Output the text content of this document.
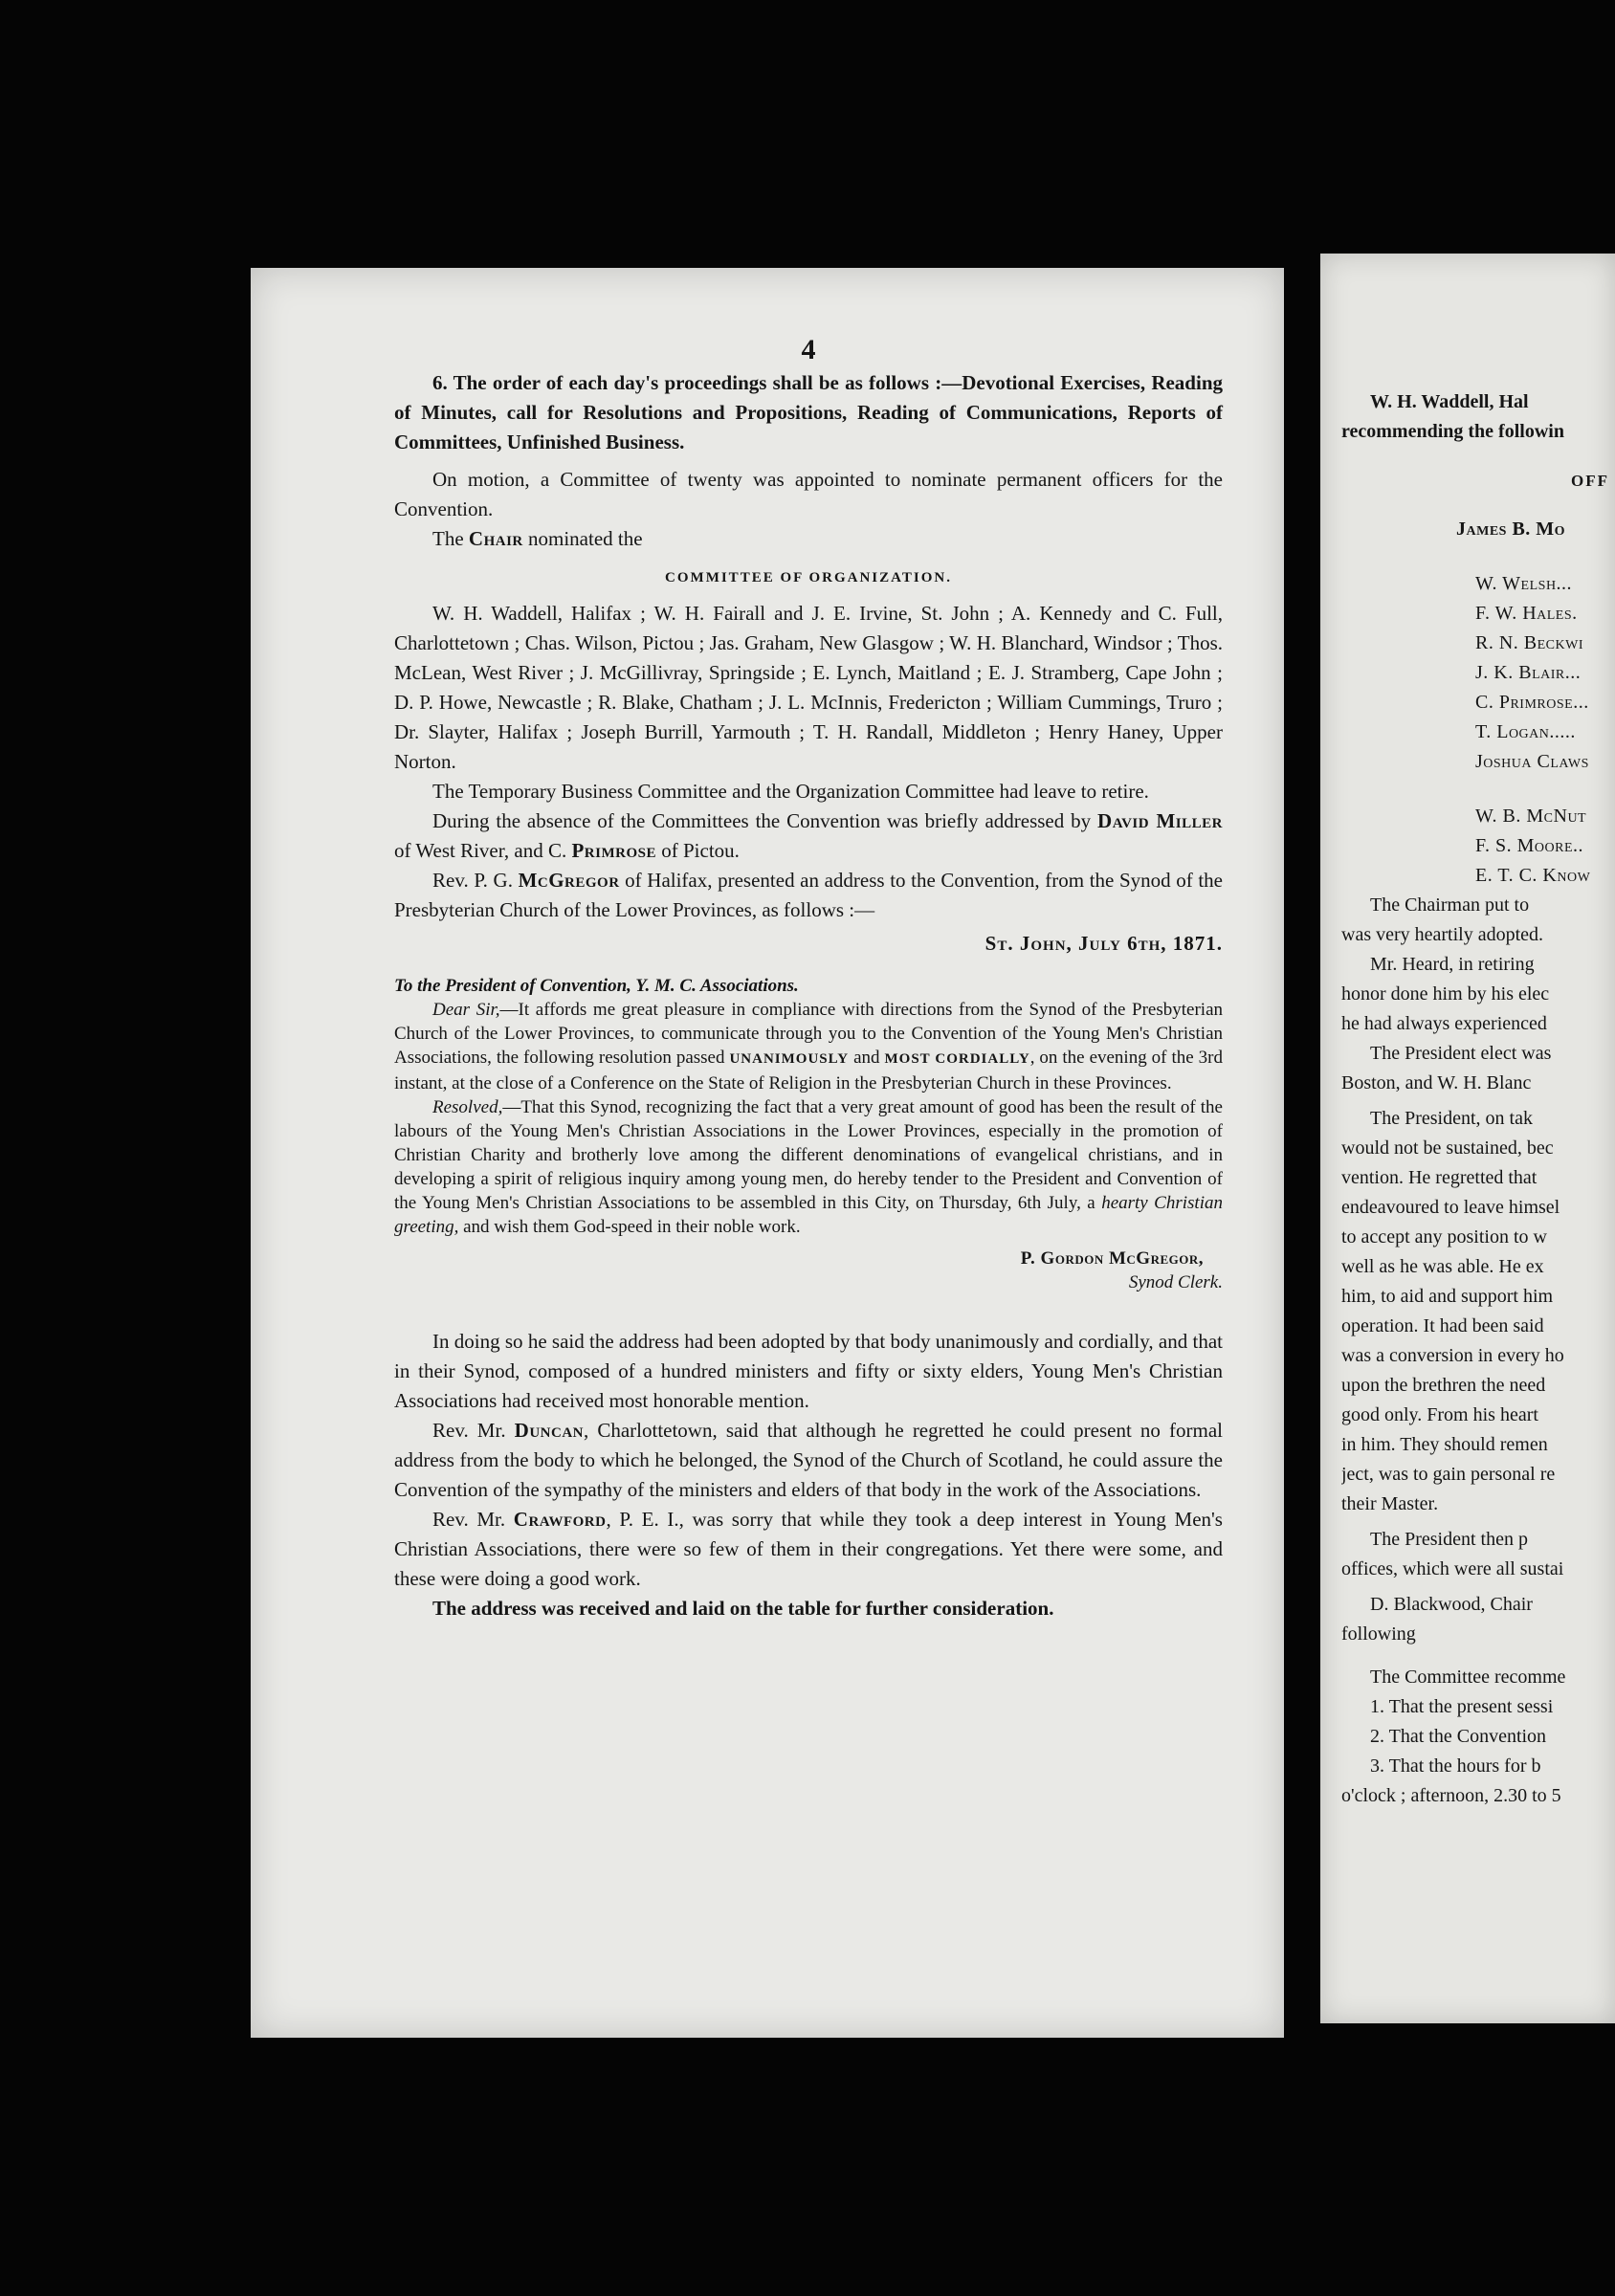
4

6. The order of each day's proceedings shall be as follows :—Devotional Exercises, Reading of Minutes, call for Resolutions and Propositions, Reading of Communications, Reports of Committees, Unfinished Business.

On motion, a Committee of twenty was appointed to nominate permanent officers for the Convention.

The Chair nominated the

COMMITTEE OF ORGANIZATION.

W. H. Waddell, Halifax ; W. H. Fairall and J. E. Irvine, St. John ; A. Kennedy and C. Full, Charlottetown ; Chas. Wilson, Pictou ; Jas. Graham, New Glasgow ; W. H. Blanchard, Windsor ; Thos. McLean, West River ; J. McGillivray, Springside ; E. Lynch, Maitland ; E. J. Stramberg, Cape John ; D. P. Howe, Newcastle ; R. Blake, Chatham ; J. L. McInnis, Fredericton ; William Cummings, Truro ; Dr. Slayter, Halifax ; Joseph Burrill, Yarmouth ; T. H. Randall, Middleton ; Henry Haney, Upper Norton.

The Temporary Business Committee and the Organization Committee had leave to retire.

During the absence of the Committees the Convention was briefly addressed by David Miller of West River, and C. Primrose of Pictou.

Rev. P. G. McGregor of Halifax, presented an address to the Convention, from the Synod of the Presbyterian Church of the Lower Provinces, as follows :—

St. John, July 6th, 1871.

To the President of Convention, Y. M. C. Associations.

Dear Sir,—It affords me great pleasure in compliance with directions from the Synod of the Presbyterian Church of the Lower Provinces, to communicate through you to the Convention of the Young Men's Christian Associations, the following resolution passed UNANIMOUSLY and MOST CORDIALLY, on the evening of the 3rd instant, at the close of a Conference on the State of Religion in the Presbyterian Church in these Provinces.

Resolved,—That this Synod, recognizing the fact that a very great amount of good has been the result of the labours of the Young Men's Christian Associations in the Lower Provinces, especially in the promotion of Christian Charity and brotherly love among the different denominations of evangelical christians, and in developing a spirit of religious inquiry among young men, do hereby tender to the President and Convention of the Young Men's Christian Associations to be assembled in this City, on Thursday, 6th July, a hearty Christian greeting, and wish them God-speed in their noble work.

P. Gordon McGregor,
Synod Clerk.

In doing so he said the address had been adopted by that body unanimously and cordially, and that in their Synod, composed of a hundred ministers and fifty or sixty elders, Young Men's Christian Associations had received most honorable mention.

Rev. Mr. Duncan, Charlottetown, said that although he regretted he could present no formal address from the body to which he belonged, the Synod of the Church of Scotland, he could assure the Convention of the sympathy of the ministers and elders of that body in the work of the Associations.

Rev. Mr. Crawford, P. E. I., was sorry that while they took a deep interest in Young Men's Christian Associations, there were so few of them in their congregations. Yet there were some, and these were doing a good work.

The address was received and laid on the table for further consideration.

W. H. Waddell, Hal
recommending the followin
OFF
James B. Mo
W. Welsh...
F. W. Hales.
R. N. Beckwi
J. K. Blair...
C. Primrose...
T. Logan.....
Joshua Claws
W. B. McNut
F. S. Moore..
E. T. C. Know
The Chairman put to
was very heartily adopted.
Mr. Heard, in retiring
honor done him by his elec
he had always experienced
The President elect was
Boston, and W. H. Blanc
The President, on tak
would not be sustained, bec
vention. He regretted that
endeavoured to leave himsel
to accept any position to w
well as he was able. He ex
him, to aid and support him
operation. It had been said
was a conversion in every ho
upon the brethren the need
good only. From his heart
in him. They should remen
ject, was to gain personal re
their Master.
The President then p
offices, which were all sustai
D. Blackwood, Chair
following
The Committee recomme
1. That the present sessi
2. That the Convention
3. That the hours for b
o'clock ; afternoon, 2.30 to 5
